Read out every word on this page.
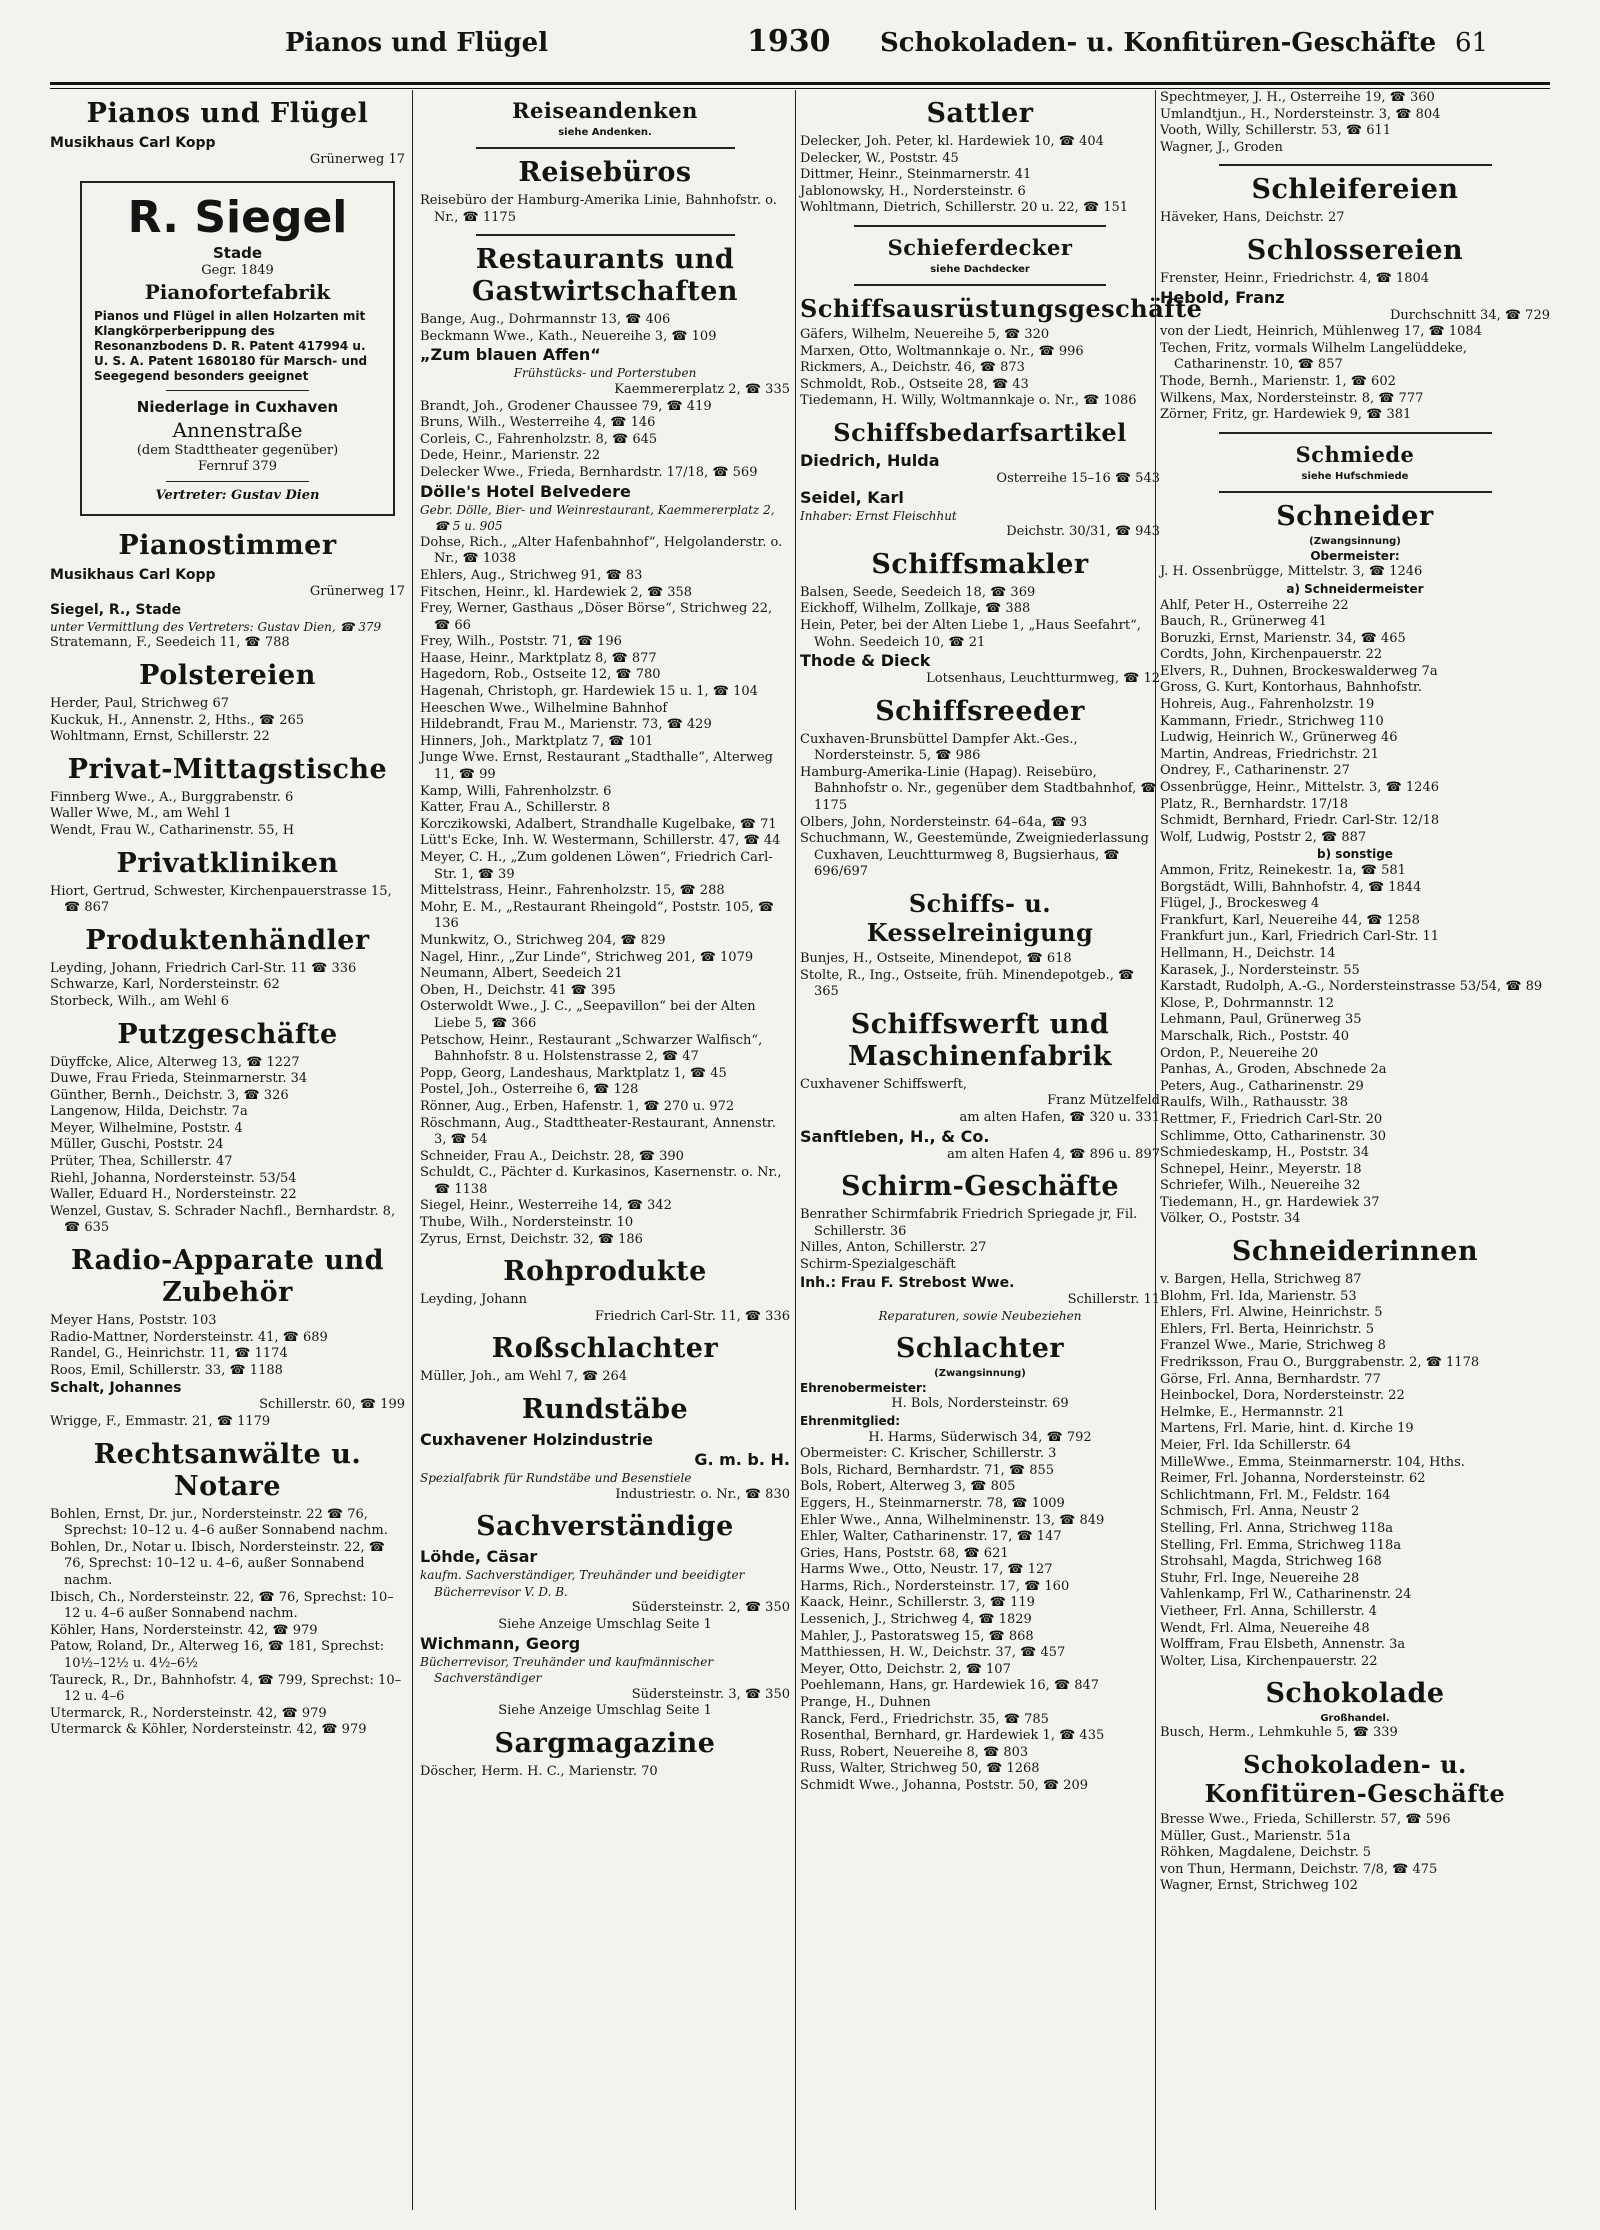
Pianos und Flügel	1930 Schokoladen- u. Konfitüren-Geschäfte 61
Pianos und Flügel

Musikhaus Carl Kopp

Grünerweg 17

R. Siegel
Stade
Gegr. 1849
Pianofortefabrik
Pianos und Flügel in allen Holzarten mit Klangkörperberippung des Resonanzbodens D. R. Patent 417994 u. U. S. A. Patent 1680180 für Marsch- und Seegegend besonders geeignet
Niederlage in Cuxhaven
Annenstraße
(dem Stadttheater gegenüber)
Fernruf 379
Vertreter: Gustav Dien
Pianostimmer

Musikhaus Carl Kopp

Grünerweg 17

Siegel, R., Stade

unter Vermittlung des Vertreters: Gustav Dien, ☎ 379

Stratemann, F., Seedeich 11, ☎ 788

Polstereien

Herder, Paul, Strichweg 67

Kuckuk, H., Annenstr. 2, Hths., ☎ 265

Wohltmann, Ernst, Schillerstr. 22

Privat-Mittagstische

Finnberg Wwe., A., Burggrabenstr. 6

Waller Wwe, M., am Wehl 1

Wendt, Frau W., Catharinenstr. 55, H

Privatkliniken

Hiort, Gertrud, Schwester, Kirchenpauerstrasse 15, ☎ 867

Produktenhändler

Leyding, Johann, Friedrich Carl-Str. 11 ☎ 336

Schwarze, Karl, Nordersteinstr. 62

Storbeck, Wilh., am Wehl 6

Putzgeschäfte

Düyffcke, Alice, Alterweg 13, ☎ 1227

Duwe, Frau Frieda, Steinmarnerstr. 34

Günther, Bernh., Deichstr. 3, ☎ 326

Langenow, Hilda, Deichstr. 7a

Meyer, Wilhelmine, Poststr. 4

Müller, Guschi, Poststr. 24

Prüter, Thea, Schillerstr. 47

Riehl, Johanna, Nordersteinstr. 53/54

Waller, Eduard H., Nordersteinstr. 22

Wenzel, Gustav, S. Schrader Nachfl., Bernhardstr. 8, ☎ 635

Radio-Apparate und Zubehör

Meyer Hans, Poststr. 103

Radio-Mattner, Nordersteinstr. 41, ☎ 689

Randel, G., Heinrichstr. 11, ☎ 1174

Roos, Emil, Schillerstr. 33, ☎ 1188

Schalt, Johannes

Schillerstr. 60, ☎ 199

Wrigge, F., Emmastr. 21, ☎ 1179

Rechtsanwälte u. Notare

Bohlen, Ernst, Dr. jur., Nordersteinstr. 22 ☎ 76, Sprechst: 10–12 u. 4–6 außer Sonnabend nachm.

Bohlen, Dr., Notar u. Ibisch, Nordersteinstr. 22, ☎ 76, Sprechst: 10–12 u. 4–6, außer Sonnabend nachm.

Ibisch, Ch., Nordersteinstr. 22, ☎ 76, Sprechst: 10–12 u. 4–6 außer Sonnabend nachm.

Köhler, Hans, Nordersteinstr. 42, ☎ 979

Patow, Roland, Dr., Alterweg 16, ☎ 181, Sprechst: 10½–12½ u. 4½–6½

Taureck, R., Dr., Bahnhofstr. 4, ☎ 799, Sprechst: 10–12 u. 4–6

Utermarck, R., Nordersteinstr. 42, ☎ 979

Utermarck & Köhler, Nordersteinstr. 42, ☎ 979

Reiseandenken
siehe Andenken.
Reisebüros

Reisebüro der Hamburg-Amerika Linie, Bahnhofstr. o. Nr., ☎ 1175

Restaurants und Gastwirtschaften

Bange, Aug., Dohrmannstr 13, ☎ 406

Beckmann Wwe., Kath., Neuereihe 3, ☎ 109

„Zum blauen Affen“

Frühstücks- und Porterstuben

Kaemmererplatz 2, ☎ 335

Brandt, Joh., Grodener Chaussee 79, ☎ 419

Bruns, Wilh., Westerreihe 4, ☎ 146

Corleis, C., Fahrenholzstr. 8, ☎ 645

Dede, Heinr., Marienstr. 22

Delecker Wwe., Frieda, Bernhardstr. 17/18, ☎ 569

Dölle's Hotel Belvedere

Gebr. Dölle, Bier- und Weinrestaurant, Kaemmererplatz 2, ☎ 5 u. 905

Dohse, Rich., „Alter Hafenbahnhof“, Helgolanderstr. o. Nr., ☎ 1038

Ehlers, Aug., Strichweg 91, ☎ 83

Fitschen, Heinr., kl. Hardewiek 2, ☎ 358

Frey, Werner, Gasthaus „Döser Börse“, Strichweg 22, ☎ 66

Frey, Wilh., Poststr. 71, ☎ 196

Haase, Heinr., Marktplatz 8, ☎ 877

Hagedorn, Rob., Ostseite 12, ☎ 780

Hagenah, Christoph, gr. Hardewiek 15 u. 1, ☎ 104

Heeschen Wwe., Wilhelmine Bahnhof

Hildebrandt, Frau M., Marienstr. 73, ☎ 429

Hinners, Joh., Marktplatz 7, ☎ 101

Junge Wwe. Ernst, Restaurant „Stadthalle“, Alterweg 11, ☎ 99

Kamp, Willi, Fahrenholzstr. 6

Katter, Frau A., Schillerstr. 8

Korczikowski, Adalbert, Strandhalle Kugelbake, ☎ 71

Lütt's Ecke, Inh. W. Westermann, Schillerstr. 47, ☎ 44

Meyer, C. H., „Zum goldenen Löwen“, Friedrich Carl-Str. 1, ☎ 39

Mittelstrass, Heinr., Fahrenholzstr. 15, ☎ 288

Mohr, E. M., „Restaurant Rheingold“, Poststr. 105, ☎ 136

Munkwitz, O., Strichweg 204, ☎ 829

Nagel, Hinr., „Zur Linde“, Strichweg 201, ☎ 1079

Neumann, Albert, Seedeich 21

Oben, H., Deichstr. 41 ☎ 395

Osterwoldt Wwe., J. C., „Seepavillon“ bei der Alten Liebe 5, ☎ 366

Petschow, Heinr., Restaurant „Schwarzer Walfisch“, Bahnhofstr. 8 u. Holstenstrasse 2, ☎ 47

Popp, Georg, Landeshaus, Marktplatz 1, ☎ 45

Postel, Joh., Osterreihe 6, ☎ 128

Rönner, Aug., Erben, Hafenstr. 1, ☎ 270 u. 972

Röschmann, Aug., Stadttheater-Restaurant, Annenstr. 3, ☎ 54

Schneider, Frau A., Deichstr. 28, ☎ 390

Schuldt, C., Pächter d. Kurkasinos, Kasernenstr. o. Nr., ☎ 1138

Siegel, Heinr., Westerreihe 14, ☎ 342

Thube, Wilh., Nordersteinstr. 10

Zyrus, Ernst, Deichstr. 32, ☎ 186

Rohprodukte

Leyding, Johann

Friedrich Carl-Str. 11, ☎ 336

Roßschlachter

Müller, Joh., am Wehl 7, ☎ 264

Rundstäbe

Cuxhavener Holzindustrie

G. m. b. H.

Spezialfabrik für Rundstäbe und Besenstiele

Industriestr. o. Nr., ☎ 830

Sachverständige

Löhde, Cäsar

kaufm. Sachverständiger, Treuhänder und beeidigter Bücherrevisor V. D. B.

Südersteinstr. 2, ☎ 350

Siehe Anzeige Umschlag Seite 1

Wichmann, Georg

Bücherrevisor, Treuhänder und kaufmännischer Sachverständiger

Südersteinstr. 3, ☎ 350

Siehe Anzeige Umschlag Seite 1

Sargmagazine

Döscher, Herm. H. C., Marienstr. 70

Sattler

Delecker, Joh. Peter, kl. Hardewiek 10, ☎ 404

Delecker, W., Poststr. 45

Dittmer, Heinr., Steinmarnerstr. 41

Jablonowsky, H., Nordersteinstr. 6

Wohltmann, Dietrich, Schillerstr. 20 u. 22, ☎ 151

Schieferdecker
siehe Dachdecker
Schiffsausrüstungsgeschäfte

Gäfers, Wilhelm, Neuereihe 5, ☎ 320

Marxen, Otto, Woltmannkaje o. Nr., ☎ 996

Rickmers, A., Deichstr. 46, ☎ 873

Schmoldt, Rob., Ostseite 28, ☎ 43

Tiedemann, H. Willy, Woltmannkaje o. Nr., ☎ 1086

Schiffsbedarfsartikel

Diedrich, Hulda

Osterreihe 15–16 ☎ 543

Seidel, Karl

Inhaber: Ernst Fleischhut

Deichstr. 30/31, ☎ 943

Schiffsmakler

Balsen, Seede, Seedeich 18, ☎ 369

Eickhoff, Wilhelm, Zollkaje, ☎ 388

Hein, Peter, bei der Alten Liebe 1, „Haus Seefahrt“, Wohn. Seedeich 10, ☎ 21

Thode & Dieck

Lotsenhaus, Leuchtturmweg, ☎ 12

Schiffsreeder

Cuxhaven-Brunsbüttel Dampfer Akt.-Ges., Nordersteinstr. 5, ☎ 986

Hamburg-Amerika-Linie (Hapag). Reisebüro, Bahnhofstr o. Nr., gegenüber dem Stadtbahnhof, ☎ 1175

Olbers, John, Nordersteinstr. 64–64a, ☎ 93

Schuchmann, W., Geestemünde, Zweigniederlassung Cuxhaven, Leuchtturmweg 8, Bugsierhaus, ☎ 696/697

Schiffs- u. Kesselreinigung

Bunjes, H., Ostseite, Minendepot, ☎ 618

Stolte, R., Ing., Ostseite, früh. Minendepotgeb., ☎ 365

Schiffswerft und Maschinenfabrik

Cuxhavener Schiffswerft,

Franz Mützelfeld

am alten Hafen, ☎ 320 u. 331

Sanftleben, H., & Co.

am alten Hafen 4, ☎ 896 u. 897

Schirm-Geschäfte

Benrather Schirmfabrik Friedrich Spriegade jr, Fil. Schillerstr. 36

Nilles, Anton, Schillerstr. 27

Schirm-Spezialgeschäft

Inh.: Frau F. Strebost Wwe.

Schillerstr. 11

Reparaturen, sowie Neubeziehen

Schlachter
(Zwangsinnung)

Ehrenobermeister:

H. Bols, Nordersteinstr. 69

Ehrenmitglied:

H. Harms, Süderwisch 34, ☎ 792

Obermeister: C. Krischer, Schillerstr. 3

Bols, Richard, Bernhardstr. 71, ☎ 855

Bols, Robert, Alterweg 3, ☎ 805

Eggers, H., Steinmarnerstr. 78, ☎ 1009

Ehler Wwe., Anna, Wilhelminenstr. 13, ☎ 849

Ehler, Walter, Catharinenstr. 17, ☎ 147

Gries, Hans, Poststr. 68, ☎ 621

Harms Wwe., Otto, Neustr. 17, ☎ 127

Harms, Rich., Nordersteinstr. 17, ☎ 160

Kaack, Heinr., Schillerstr. 3, ☎ 119

Lessenich, J., Strichweg 4, ☎ 1829

Mahler, J., Pastoratsweg 15, ☎ 868

Matthiessen, H. W., Deichstr. 37, ☎ 457

Meyer, Otto, Deichstr. 2, ☎ 107

Poehlemann, Hans, gr. Hardewiek 16, ☎ 847

Prange, H., Duhnen

Ranck, Ferd., Friedrichstr. 35, ☎ 785

Rosenthal, Bernhard, gr. Hardewiek 1, ☎ 435

Russ, Robert, Neuereihe 8, ☎ 803

Russ, Walter, Strichweg 50, ☎ 1268

Schmidt Wwe., Johanna, Poststr. 50, ☎ 209

Spechtmeyer, J. H., Osterreihe 19, ☎ 360

Umlandtjun., H., Nordersteinstr. 3, ☎ 804

Vooth, Willy, Schillerstr. 53, ☎ 611

Wagner, J., Groden

Schleifereien

Häveker, Hans, Deichstr. 27

Schlossereien

Frenster, Heinr., Friedrichstr. 4, ☎ 1804

Hebold, Franz

Durchschnitt 34, ☎ 729

von der Liedt, Heinrich, Mühlenweg 17, ☎ 1084

Techen, Fritz, vormals Wilhelm Langelüddeke, Catharinenstr. 10, ☎ 857

Thode, Bernh., Marienstr. 1, ☎ 602

Wilkens, Max, Nordersteinstr. 8, ☎ 777

Zörner, Fritz, gr. Hardewiek 9, ☎ 381

Schmiede
siehe Hufschmiede
Schneider
(Zwangsinnung)

Obermeister:

J. H. Ossenbrügge, Mittelstr. 3, ☎ 1246

a) Schneidermeister

Ahlf, Peter H., Osterreihe 22

Bauch, R., Grünerweg 41

Boruzki, Ernst, Marienstr. 34, ☎ 465

Cordts, John, Kirchenpauerstr. 22

Elvers, R., Duhnen, Brockeswalderweg 7a

Gross, G. Kurt, Kontorhaus, Bahnhofstr.

Hohreis, Aug., Fahrenholzstr. 19

Kammann, Friedr., Strichweg 110

Ludwig, Heinrich W., Grünerweg 46

Martin, Andreas, Friedrichstr. 21

Ondrey, F., Catharinenstr. 27

Ossenbrügge, Heinr., Mittelstr. 3, ☎ 1246

Platz, R., Bernhardstr. 17/18

Schmidt, Bernhard, Friedr. Carl-Str. 12/18

Wolf, Ludwig, Poststr 2, ☎ 887

b) sonstige

Ammon, Fritz, Reinekestr. 1a, ☎ 581

Borgstädt, Willi, Bahnhofstr. 4, ☎ 1844

Flügel, J., Brockesweg 4

Frankfurt, Karl, Neuereihe 44, ☎ 1258

Frankfurt jun., Karl, Friedrich Carl-Str. 11

Hellmann, H., Deichstr. 14

Karasek, J., Nordersteinstr. 55

Karstadt, Rudolph, A.-G., Nordersteinstrasse 53/54, ☎ 89

Klose, P., Dohrmannstr. 12

Lehmann, Paul, Grünerweg 35

Marschalk, Rich., Poststr. 40

Ordon, P., Neuereihe 20

Panhas, A., Groden, Abschnede 2a

Peters, Aug., Catharinenstr. 29

Raulfs, Wilh., Rathausstr. 38

Rettmer, F., Friedrich Carl-Str. 20

Schlimme, Otto, Catharinenstr. 30

Schmiedeskamp, H., Poststr. 34

Schnepel, Heinr., Meyerstr. 18

Schriefer, Wilh., Neuereihe 32

Tiedemann, H., gr. Hardewiek 37

Völker, O., Poststr. 34

Schneiderinnen

v. Bargen, Hella, Strichweg 87

Blohm, Frl. Ida, Marienstr. 53

Ehlers, Frl. Alwine, Heinrichstr. 5

Ehlers, Frl. Berta, Heinrichstr. 5

Franzel Wwe., Marie, Strichweg 8

Fredriksson, Frau O., Burggrabenstr. 2, ☎ 1178

Görse, Frl. Anna, Bernhardstr. 77

Heinbockel, Dora, Nordersteinstr. 22

Helmke, E., Hermannstr. 21

Martens, Frl. Marie, hint. d. Kirche 19

Meier, Frl. Ida Schillerstr. 64

MilleWwe., Emma, Steinmarnerstr. 104, Hths.

Reimer, Frl. Johanna, Nordersteinstr. 62

Schlichtmann, Frl. M., Feldstr. 164

Schmisch, Frl. Anna, Neustr 2

Stelling, Frl. Anna, Strichweg 118a

Stelling, Frl. Emma, Strichweg 118a

Strohsahl, Magda, Strichweg 168

Stuhr, Frl. Inge, Neuereihe 28

Vahlenkamp, Frl W., Catharinenstr. 24

Vietheer, Frl. Anna, Schillerstr. 4

Wendt, Frl. Alma, Neuereihe 48

Wolffram, Frau Elsbeth, Annenstr. 3a

Wolter, Lisa, Kirchenpauerstr. 22

Schokolade
Großhandel.

Busch, Herm., Lehmkuhle 5, ☎ 339

Schokoladen- u. Konfitüren-Geschäfte

Bresse Wwe., Frieda, Schillerstr. 57, ☎ 596

Müller, Gust., Marienstr. 51a

Röhken, Magdalene, Deichstr. 5

von Thun, Hermann, Deichstr. 7/8, ☎ 475

Wagner, Ernst, Strichweg 102
